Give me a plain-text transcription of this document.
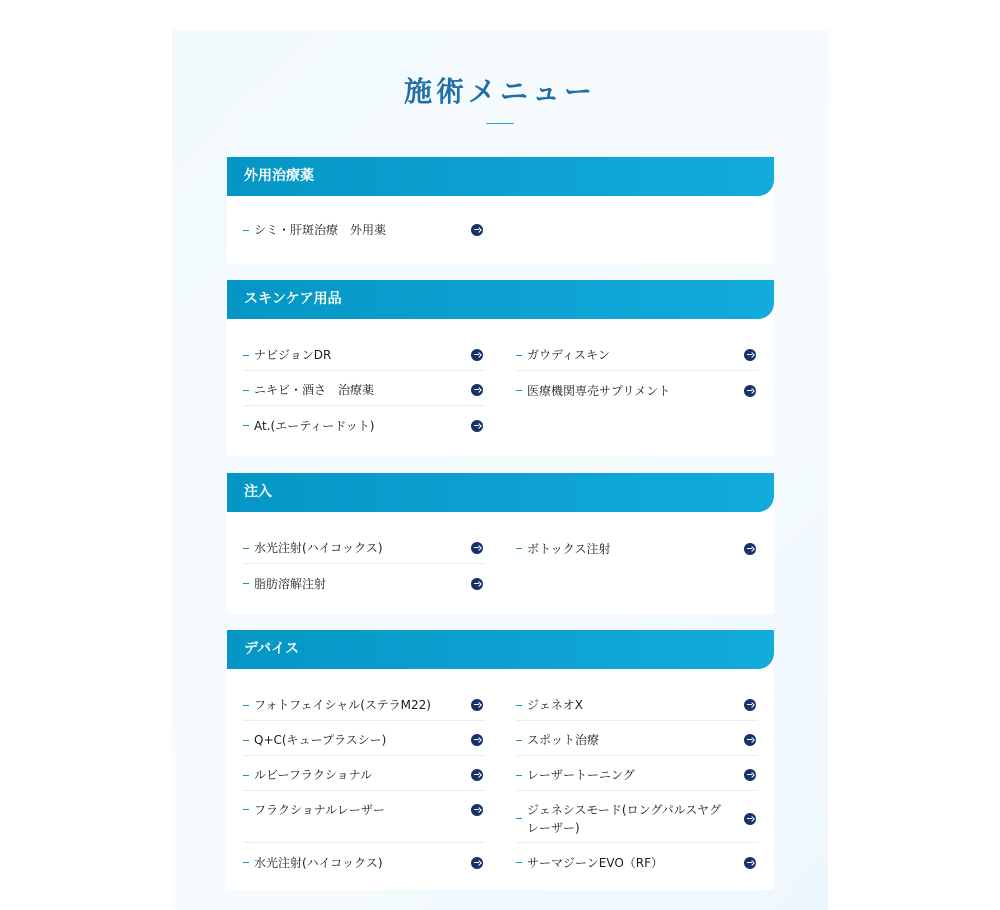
施術メニュー
外用治療薬
シミ・肝斑治療　外用薬
スキンケア用品
ナビジョンDR	ガウディスキン
ニキビ・酒さ　治療薬	医療機関専売サプリメント
At.(エーティードット)
注入
水光注射(ハイコックス)	ボトックス注射
脂肪溶解注射
デバイス
フォトフェイシャル(ステラM22)	ジェネオX
Q+C(キュープラスシー)	スポット治療
ルビーフラクショナル	レーザートーニング
フラクショナルレーザー	ジェネシスモード(ロングパルスヤグレーザー)
水光注射(ハイコックス)	サーマジーンEVO（RF）
